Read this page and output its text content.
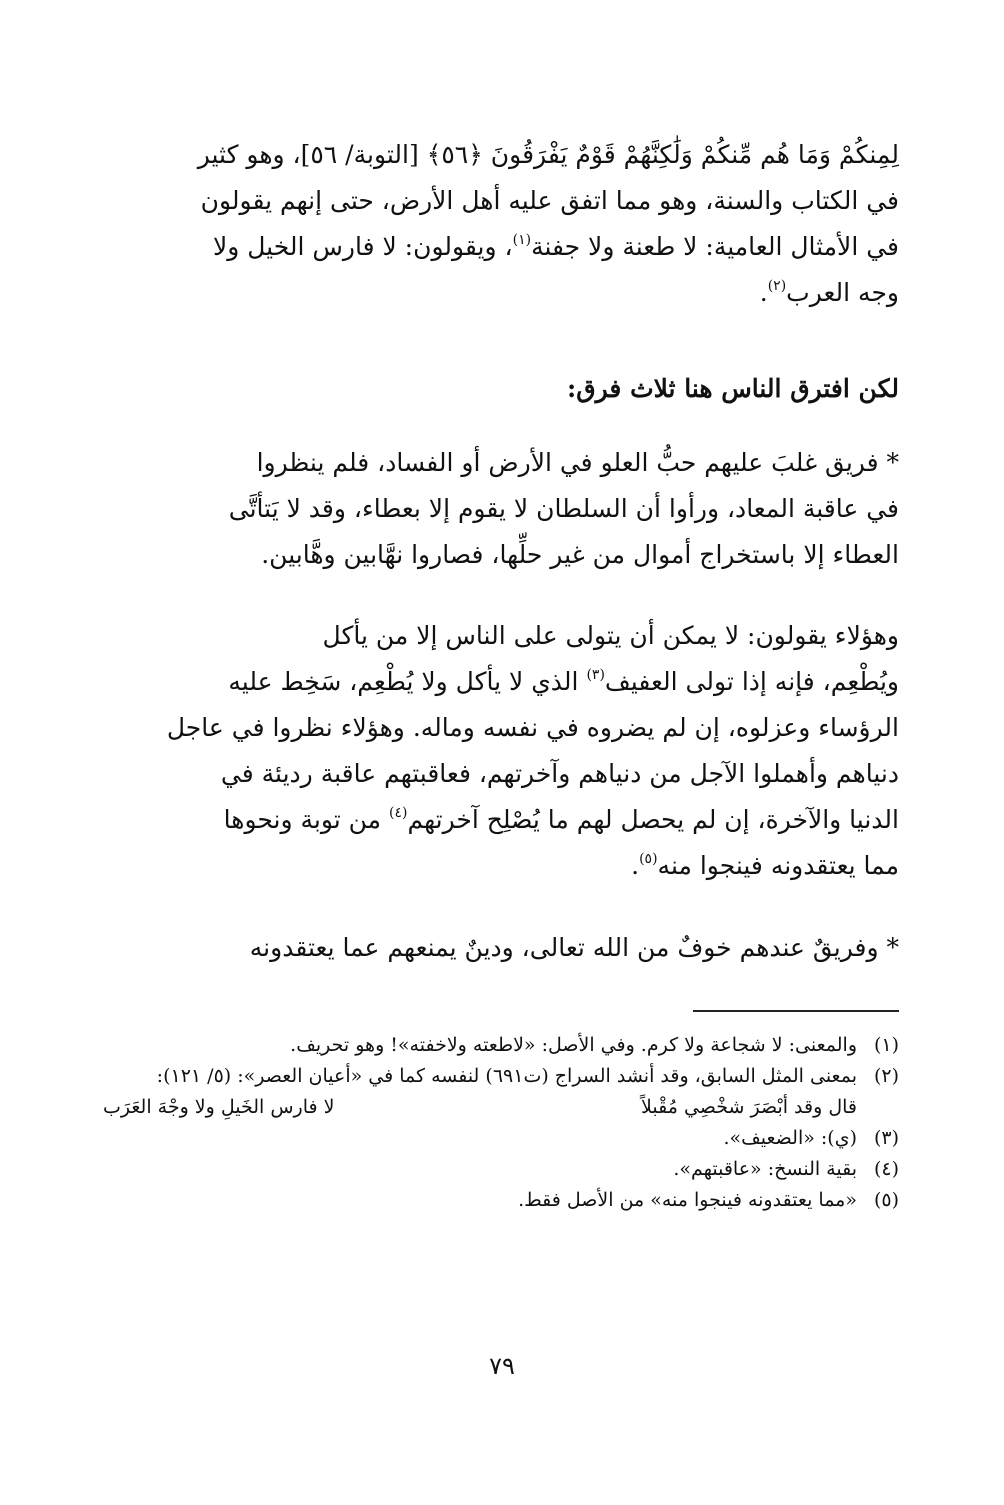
لِمِنكُمْ وَمَا هُم مِّنكُمْ وَلَٰكِنَّهُمْ قَوْمٌ يَفْرَقُونَ ﴿٥٦﴾ [التوبة/ ٥٦]، وهو كثير
في الكتاب والسنة، وهو مما اتفق عليه أهل الأرض، حتى إنهم يقولون
في الأمثال العامية: لا طعنة ولا جفنة$^{(١)}$، ويقولون: لا فارس الخيل ولا
وجه العرب$^{(٢)}$.
لكن افترق الناس هنا ثلاث فرق:
* فريق غلبَ عليهم حبُّ العلو في الأرض أو الفساد، فلم ينظروا
في عاقبة المعاد، ورأوا أن السلطان لا يقوم إلا بعطاء، وقد لا يَتأتَّى
العطاء إلا باستخراج أموال من غير حلِّها، فصاروا نهَّابين وهَّابين.
وهؤلاء يقولون: لا يمكن أن يتولى على الناس إلا من يأكل
ويُطْعِم، فإنه إذا تولى العفيف$^{(٣)}$ الذي لا يأكل ولا يُطْعِم، سَخِط عليه
الرؤساء وعزلوه، إن لم يضروه في نفسه وماله. وهؤلاء نظروا في عاجل
دنياهم وأهملوا الآجل من دنياهم وآخرتهم، فعاقبتهم عاقبة رديئة في
الدنيا والآخرة، إن لم يحصل لهم ما يُصْلِح آخرتهم$^{(٤)}$ من توبة ونحوها
مما يعتقدونه فينجوا منه$^{(٥)}$.
* وفريقٌ عندهم خوفٌ من الله تعالى، ودينٌ يمنعهم عما يعتقدونه
(١)
والمعنى: لا شجاعة ولا كرم. وفي الأصل: «لاطعته ولاخفته»! وهو تحريف.
(٢)
بمعنى المثل السابق، وقد أنشد السراج (ت٦٩١) لنفسه كما في «أعيان العصر»: (٥/ ١٢١):
قال وقد أبْصَرَ شخْصِي مُقْبلاً
لا فارس الخَيلِ ولا وجْهَ العَرَب
(٣)
(ي): «الضعيف».
(٤)
بقية النسخ: «عاقبتهم».
(٥)
«مما يعتقدونه فينجوا منه» من الأصل فقط.
٧٩
